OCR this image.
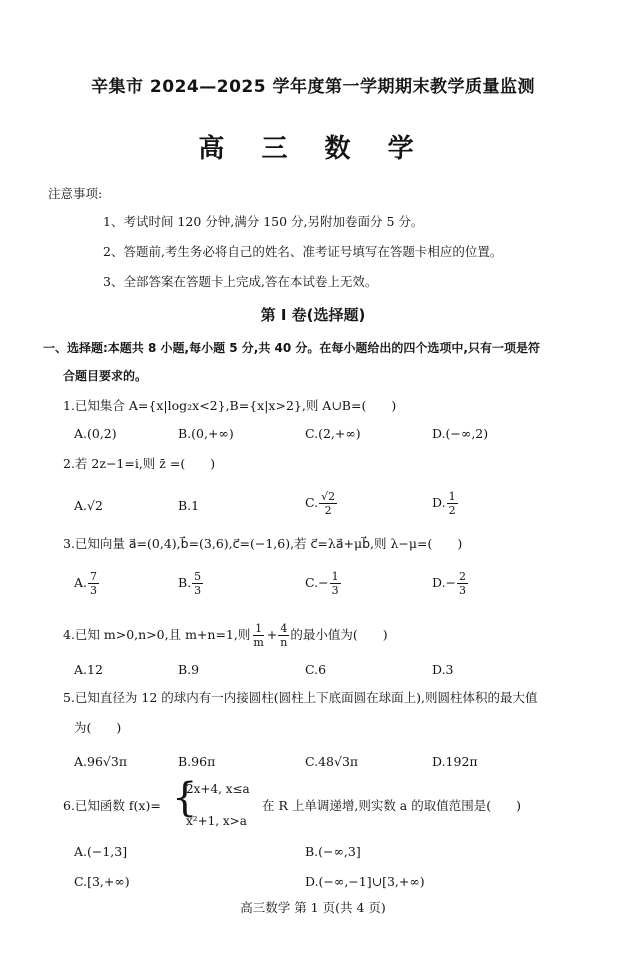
辛集市 2024—2025 学年度第一学期期末教学质量监测
高 三 数 学
注意事项:
1、考试时间 120 分钟,满分 150 分,另附加卷面分 5 分。
2、答题前,考生务必将自己的姓名、准考证号填写在答题卡相应的位置。
3、全部答案在答题卡上完成,答在本试卷上无效。
第 I 卷(选择题)
一、选择题:本题共 8 小题,每小题 5 分,共 40 分。在每小题给出的四个选项中,只有一项是符
合题目要求的。
1.已知集合 A={x|log₂x<2},B={x|x>2},则 A∪B=(　　)
A.(0,2)	B.(0,+∞)	C.(2,+∞)	D.(−∞,2)
2.若 2z−1=i,则 z̄ =(　　)
A.√2	B.1	C. $\frac{√2}{2}$	D. $\frac{1}{2}$
3.已知向量 a⃗=(0,4),b⃗=(3,6),c⃗=(−1,6),若 c⃗=λa⃗+μb⃗,则 λ−μ=(　　)
A. $\frac{7}{3}$	B. $\frac{5}{3}$	$C.- \frac{1}{3}$	$D.- \frac{2}{3}$
4.已知 m>0,n>0,且 m+n=1,则 $\frac{1}{m} + \frac{4}{n}$ 的最小值为(　　)
A.12	B.9	C.6	D.3
5.已知直径为 12 的球内有一内接圆柱(圆柱上下底面圆在球面上),则圆柱体积的最大值
为(　　)
A.96√3π	B.96π	C.48√3π	D.192π
6.已知函数 f(x)= {
2x+4, x≤a
x²+1, x>a
在 R 上单调递增,则实数 a 的取值范围是(　　)
A.(−1,3]	B.(−∞,3]
C.[3,+∞)	D.(−∞,−1]∪[3,+∞)
高三数学 第 1 页(共 4 页)
